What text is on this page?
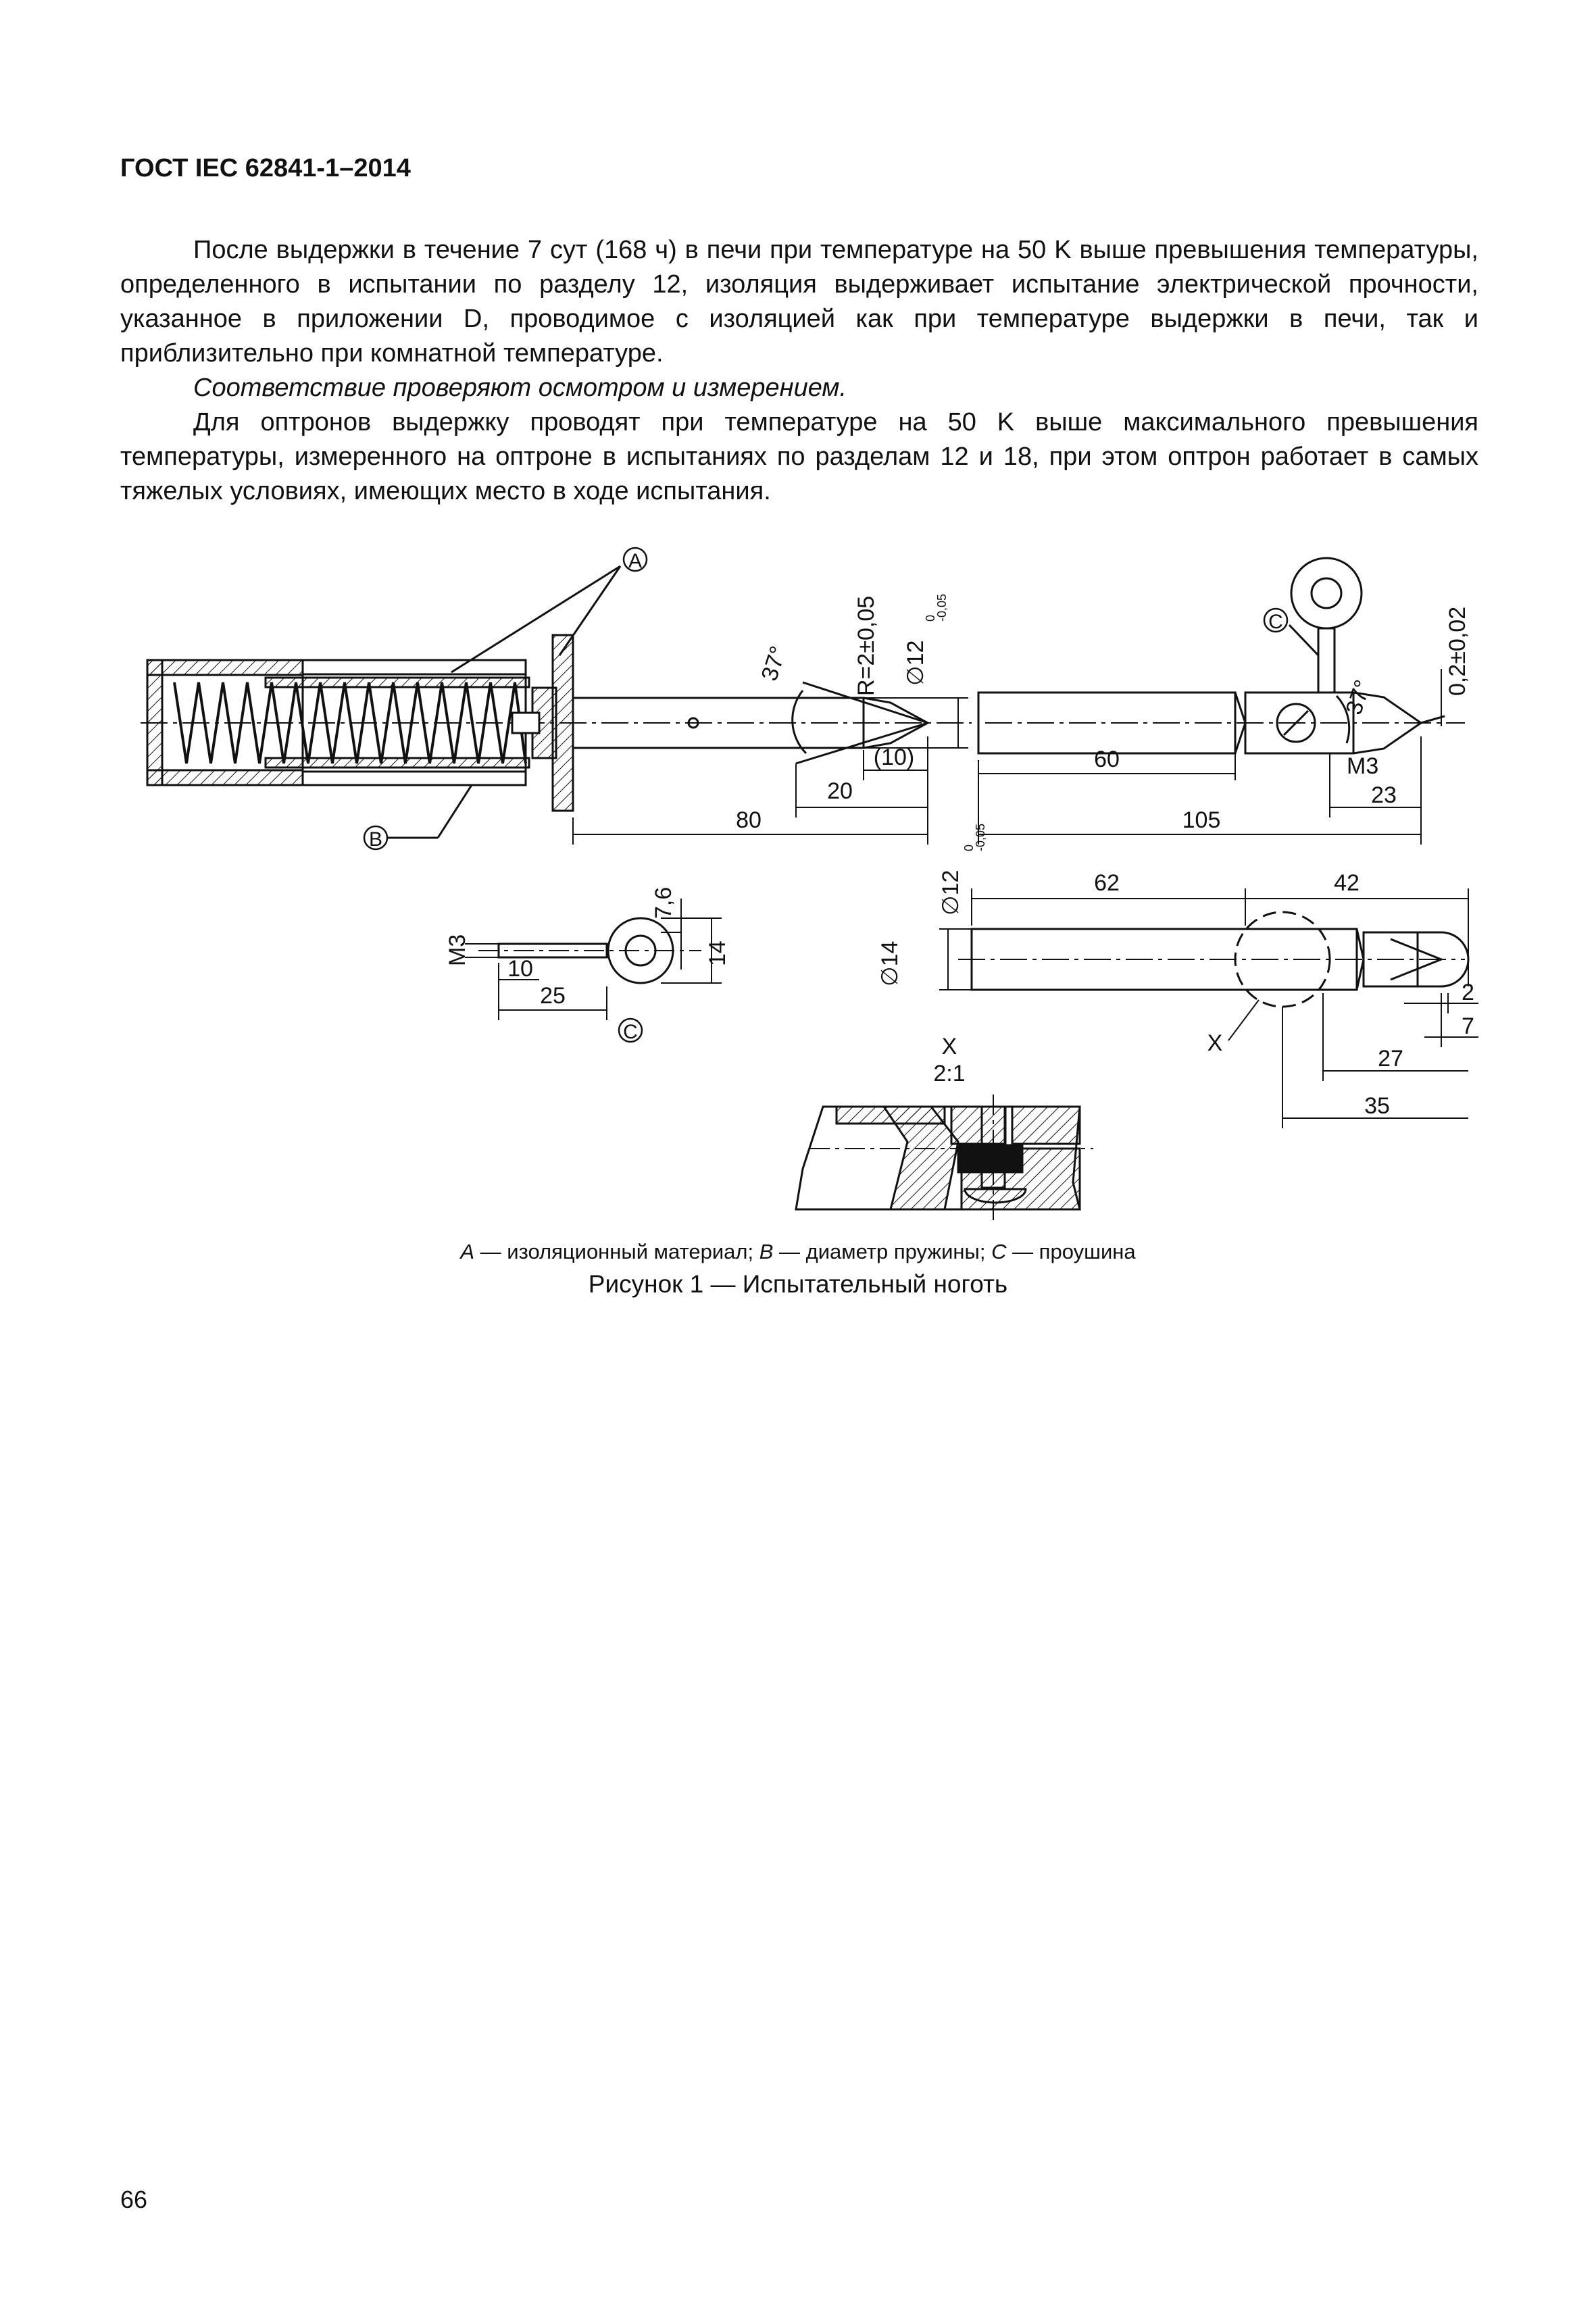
ГОСТ IEC 62841-1–2014

После выдержки в течение 7 сут (168 ч) в печи при температуре на 50 K выше превышения температуры, определенного в испытании по разделу 12, изоляция выдерживает испытание электрической прочности, указанное в приложении D, проводимое с изоляцией как при температуре выдержки в печи, так и приблизительно при комнатной температуре.

Соответствие проверяют осмотром и измерением.

Для оптронов выдержку проводят при температуре на 50 K выше максимального превышения температуры, измеренного на оптроне в испытаниях по разделам 12 и 18, при этом оптрон работает в самых тяжелых условиях, имеющих место в ходе испытания.

A
B
80
20
(10)
37°	R=2±0,05 ∅12
0
-0,05
C
60
105
M3
23
0,2±0,02
37°
M3
10
25
7,6
14
C
62	42
∅14
∅12
0
-0,05
2
7
27
35
X
X
2:1
A — изоляционный материал; B — диаметр пружины; C — проушина
Рисунок 1 — Испытательный ноготь
66
